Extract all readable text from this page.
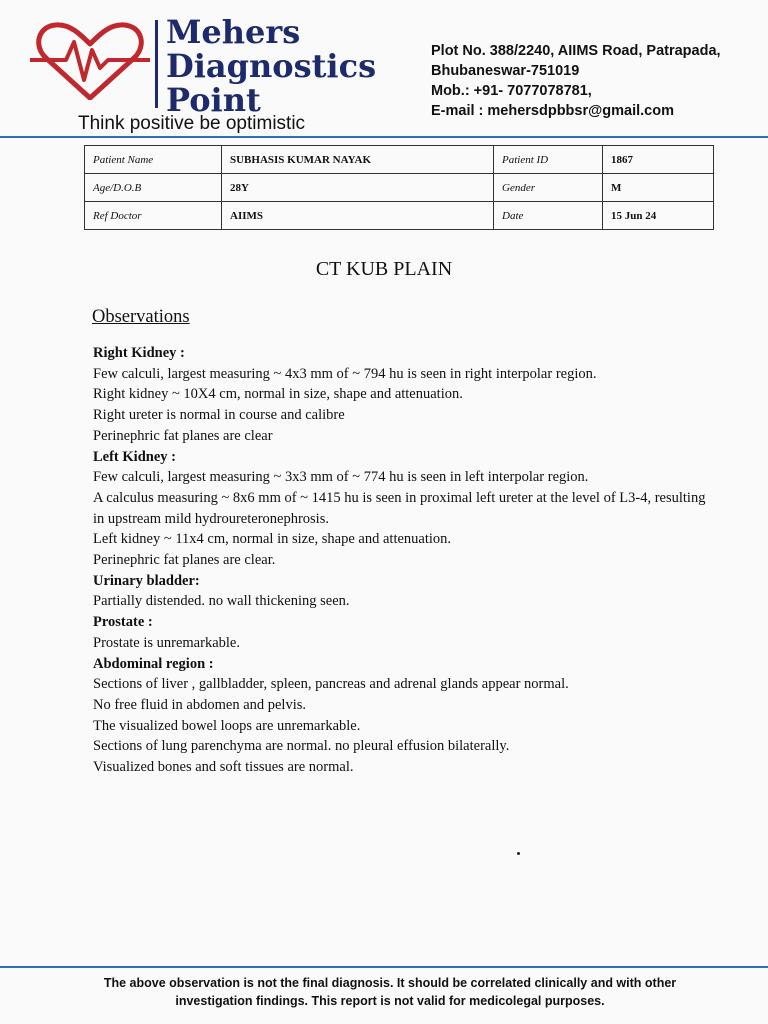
Mehers
Diagnostics
Point
Think positive be optimistic
Plot No. 388/2240, AIIMS Road, Patrapada,
Bhubaneswar-751019
Mob.: +91- 7077078781,
E-mail : mehersdpbbsr@gmail.com
Patient Name	SUBHASIS KUMAR NAYAK	Patient ID	1867
Age/D.O.B	28Y	Gender	M
Ref Doctor	AIIMS	Date	15 Jun 24
CT KUB PLAIN
Observations

Right Kidney :

Few calculi, largest measuring ~ 4x3 mm of ~ 794 hu is seen in right interpolar region.

Right kidney ~ 10X4 cm, normal in size, shape and attenuation.

Right ureter is normal in course and calibre

Perinephric fat planes are clear

Left Kidney :

Few calculi, largest measuring ~ 3x3 mm of ~ 774 hu is seen in left interpolar region.

A calculus measuring ~ 8x6 mm of ~ 1415 hu is seen in proximal left ureter at the level of L3-4, resulting in upstream mild hydroureteronephrosis.

Left kidney ~ 11x4 cm, normal in size, shape and attenuation.

Perinephric fat planes are clear.

Urinary bladder:

Partially distended. no wall thickening seen.

Prostate :

Prostate is unremarkable.

Abdominal region :

Sections of liver , gallbladder, spleen, pancreas and adrenal glands appear normal.

No free fluid in abdomen and pelvis.

The visualized bowel loops are unremarkable.

Sections of lung parenchyma are normal. no pleural effusion bilaterally.

Visualized bones and soft tissues are normal.

The above observation is not the final diagnosis. It should be correlated clinically and with other
investigation findings. This report is not valid for medicolegal purposes.
